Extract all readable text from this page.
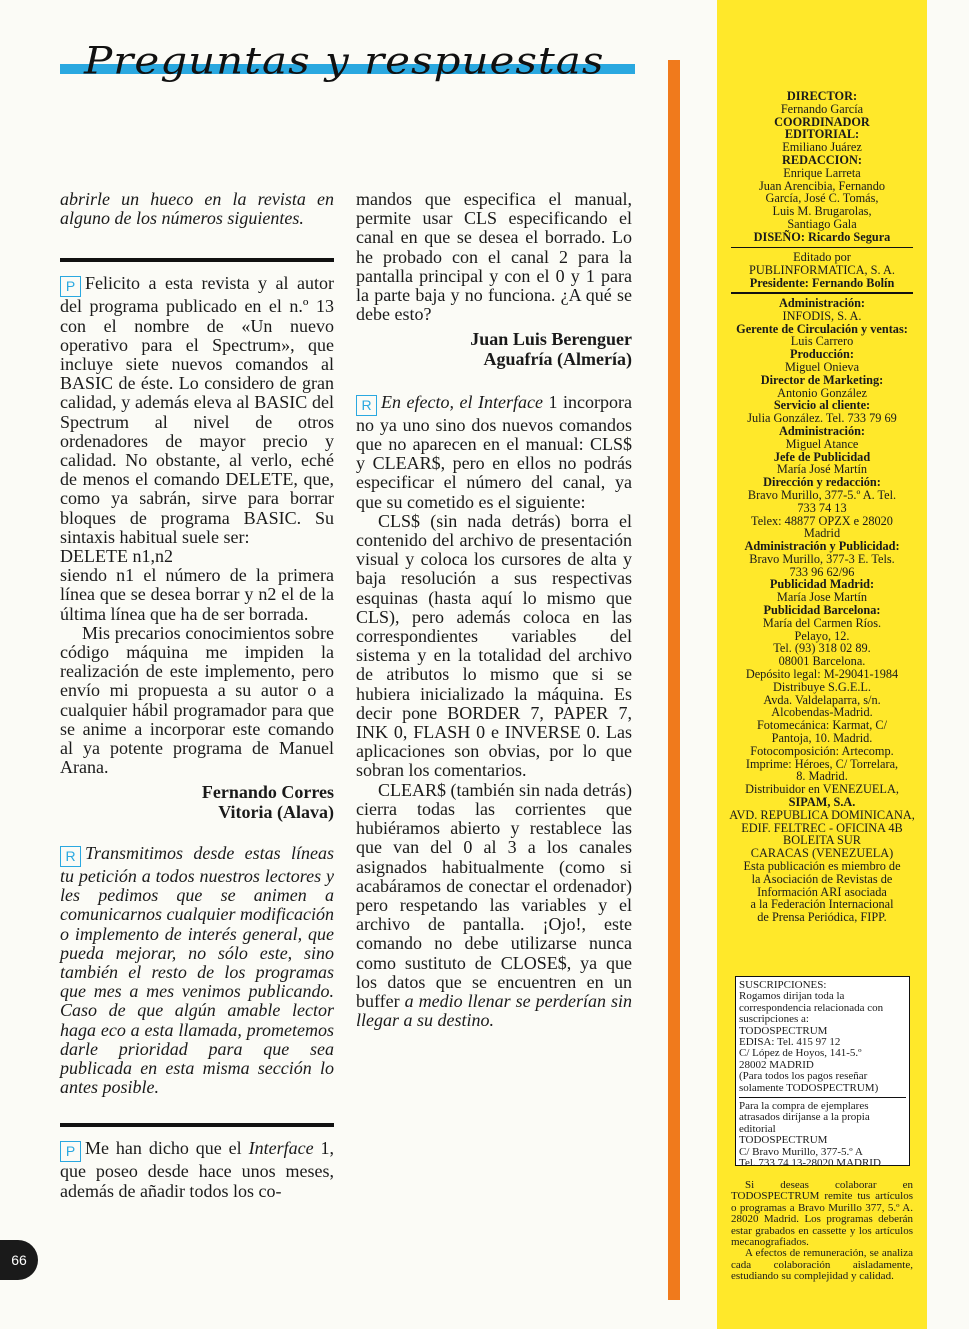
Preguntas y respuestas
66

abrirle un hueco en la revista en alguno de los números siguientes.

P Felicito a esta revista y al autor del programa publicado en el n.º 13 con el nombre de «Un nuevo operativo para el Spectrum», que incluye siete nuevos comandos al BASIC de éste. Lo considero de gran calidad, y además eleva al BASIC del Spectrum al nivel de otros ordenadores de mayor precio y calidad. No obstante, al verlo, eché de menos el comando DELETE, que, como ya sabrán, sirve para borrar bloques de programa BASIC. Su sintaxis habitual suele ser:

DELETE n1,n2

siendo n1 el número de la primera línea que se desea borrar y n2 el de la última línea que ha de ser borrada.

Mis precarios conocimientos sobre código máquina me impiden la realización de este implemento, pero envío mi propuesta a su autor o a cualquier hábil programador para que se anime a incorporar este comando al ya potente programa de Manuel Arana.

Fernando Corres
Vitoria (Alava)

R Transmitimos desde estas líneas tu petición a todos nuestros lectores y les pedimos que se animen a comunicarnos cualquier modificación o implemento de interés general, que pueda mejorar, no sólo este, sino también el resto de los programas que mes a mes venimos publicando. Caso de que algún amable lector haga eco a esta llamada, prometemos darle prioridad para que sea publicada en esta misma sección lo antes posible.

P Me han dicho que el Interface 1, que poseo desde hace unos meses, además de añadir todos los co-

mandos que especifica el manual, permite usar CLS especificando el canal en que se desea el borrado. Lo he probado con el canal 2 para la pantalla principal y con el 0 y 1 para la parte baja y no funciona. ¿A qué se debe esto?

Juan Luis Berenguer
Aguafría (Almería)

R En efecto, el Interface 1 incorpora no ya uno sino dos nuevos comandos que no aparecen en el manual: CLS$ y CLEAR$, pero en ellos no podrás especificar el número del canal, ya que su cometido es el siguiente:

CLS$ (sin nada detrás) borra el contenido del archivo de presentación visual y coloca los cursores de alta y baja resolución a sus respectivas esquinas (hasta aquí lo mismo que CLS), pero además coloca en las correspondientes variables del sistema y en la totalidad del archivo de atributos lo mismo que si se hubiera inicializado la máquina. Es decir pone BORDER 7, PAPER 7, INK 0, FLASH 0 e INVERSE 0. Las aplicaciones son obvias, por lo que sobran los comentarios.

CLEAR$ (también sin nada detrás) cierra todas las corrientes que hubiéramos abierto y restablece las que van del 0 al 3 a los canales asignados habitualmente (como si acabáramos de conectar el ordenador) pero respetando las variables y el archivo de pantalla. ¡Ojo!, este comando no debe utilizarse nunca como sustituto de CLOSE$, ya que los datos que se encuentren en un buffer a medio llenar se perderían sin llegar a su destino.

DIRECTOR:
Fernando García
COORDINADOR
EDITORIAL:
Emiliano Juárez
REDACCION:
Enrique Larreta
Juan Arencibia, Fernando
García, José C. Tomás,
Luis M. Brugarolas,
Santiago Gala
DISEÑO: Ricardo Segura
Editado por
PUBLINFORMATICA, S. A.
Presidente: Fernando Bolín
Administración:
INFODIS, S. A.
Gerente de Circulación y ventas:
Luis Carrero
Producción:
Miguel Onieva
Director de Marketing:
Antonio González
Servicio al cliente:
Julia González. Tel. 733 79 69
Administración:
Miguel Atance
Jefe de Publicidad
María José Martín
Dirección y redacción:
Bravo Murillo, 377-5.º A. Tel.
733 74 13
Telex: 48877 OPZX e 28020
Madrid
Administración y Publicidad:
Bravo Murillo, 377-3 E. Tels.
733 96 62/96
Publicidad Madrid:
María Jose Martín
Publicidad Barcelona:
María del Carmen Ríos.
Pelayo, 12.
Tel. (93) 318 02 89.
08001 Barcelona.
Depósito legal: M-29041-1984
Distribuye S.G.E.L.
Avda. Valdelaparra, s/n.
Alcobendas-Madrid.
Fotomecánica: Karmat, C/
Pantoja, 10. Madrid.
Fotocomposición: Artecomp.
Imprime: Héroes, C/ Torrelara,
8. Madrid.
Distribuidor en VENEZUELA,
SIPAM, S.A.
AVD. REPUBLICA DOMINICANA,
EDIF. FELTREC - OFICINA 4B
BOLEITA SUR
CARACAS (VENEZUELA)
Esta publicación es miembro de
la Asociación de Revistas de
Información ARI asociada
a la Federación Internacional
de Prensa Periódica, FIPP.
SUSCRIPCIONES:
Rogamos dirijan toda la
correspondencia relacionada con
suscripciones a:
TODOSPECTRUM
EDISA: Tel. 415 97 12
C/ López de Hoyos, 141-5.º
28002 MADRID
(Para todos los pagos reseñar
solamente TODOSPECTRUM)
Para la compra de ejemplares
atrasados diríjanse a la propia
editorial
TODOSPECTRUM
C/ Bravo Murillo, 377-5.º A
Tel. 733 74 13-28020 MADRID
Si deseas colaborar en TODOSPECTRUM remite tus artículos o programas a Bravo Murillo 377, 5.º A. 28020 Madrid. Los programas deberán estar grabados en cassette y los artículos mecanografiados.
A efectos de remuneración, se analiza cada colaboración aisladamente, estudiando su complejidad y calidad.
